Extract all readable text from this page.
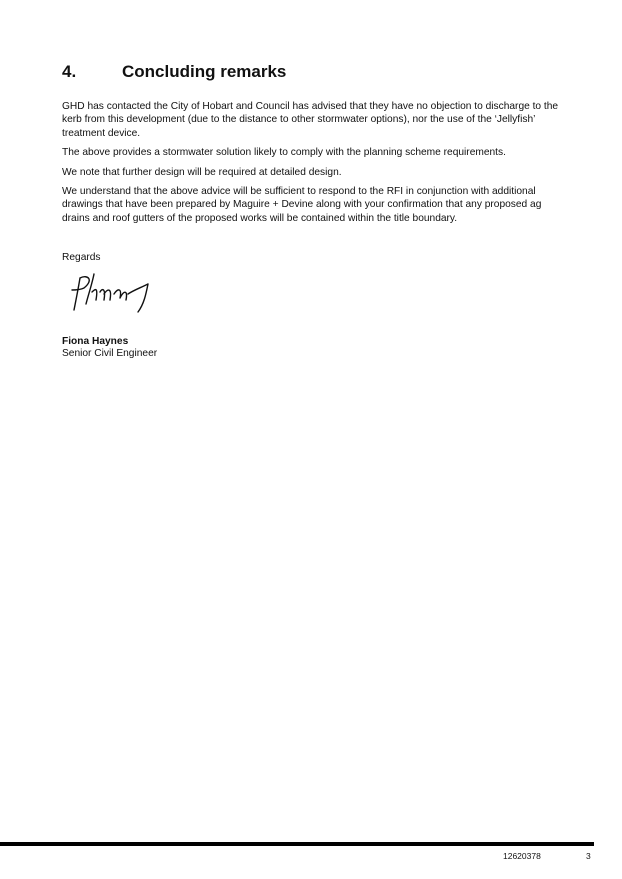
4.	Concluding remarks

GHD has contacted the City of Hobart and Council has advised that they have no objection to discharge to the kerb from this development (due to the distance to other stormwater options), nor the use of the ‘Jellyfish’ treatment device.

The above provides a stormwater solution likely to comply with the planning scheme requirements.

We note that further design will be required at detailed design.

We understand that the above advice will be sufficient to respond to the RFI in conjunction with additional drawings that have been prepared by Maguire + Devine along with your confirmation that any proposed ag drains and roof gutters of the proposed works will be contained within the title boundary.

Regards

Fiona Haynes
Senior Civil Engineer
12620378	3
